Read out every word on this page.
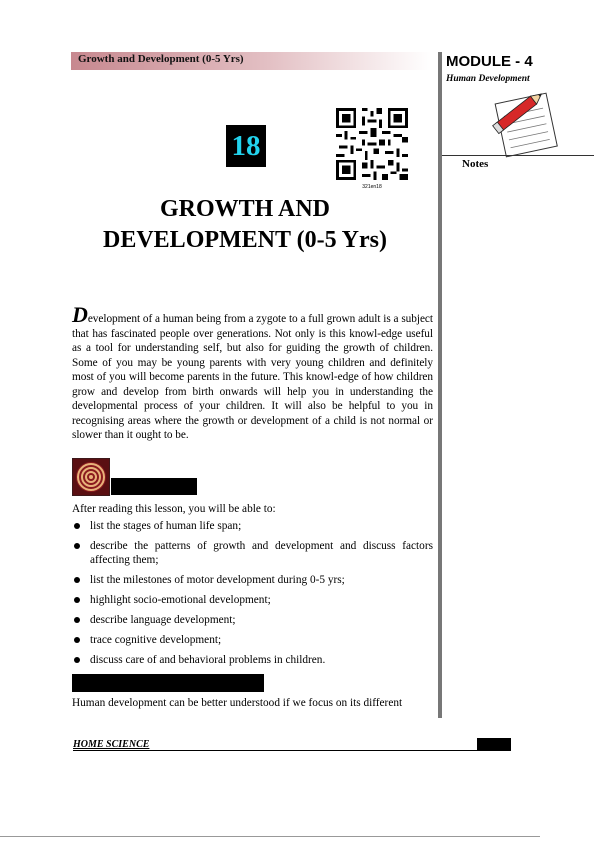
Growth and Development (0-5 Yrs)	MODULE - 4
Human Development
Notes
18
321en18
GROWTH AND
DEVELOPMENT (0-5 Yrs)
Development of a human being from a zygote to a full grown adult is a subject that has fascinated people over generations. Not only is this knowl-edge useful as a tool for understanding self, but also for guiding the growth of children. Some of you may be young parents with very young children and definitely most of you will become parents in the future. This knowl-edge of how children grow and develop from birth onwards will help you in understanding the developmental process of your children. It will also be helpful to you in recognising areas where the growth or development of a child is not normal or slower than it ought to be.
After reading this lesson, you will be able to:
list the stages of human life span;
describe the patterns of growth and development and discuss factors affecting them;
list the milestones of motor development during 0-5 yrs;
highlight socio-emotional development;
describe language development;
trace cognitive development;
discuss care of and behavioral problems in children.
Human development can be better understood if we focus on its different
HOME SCIENCE
